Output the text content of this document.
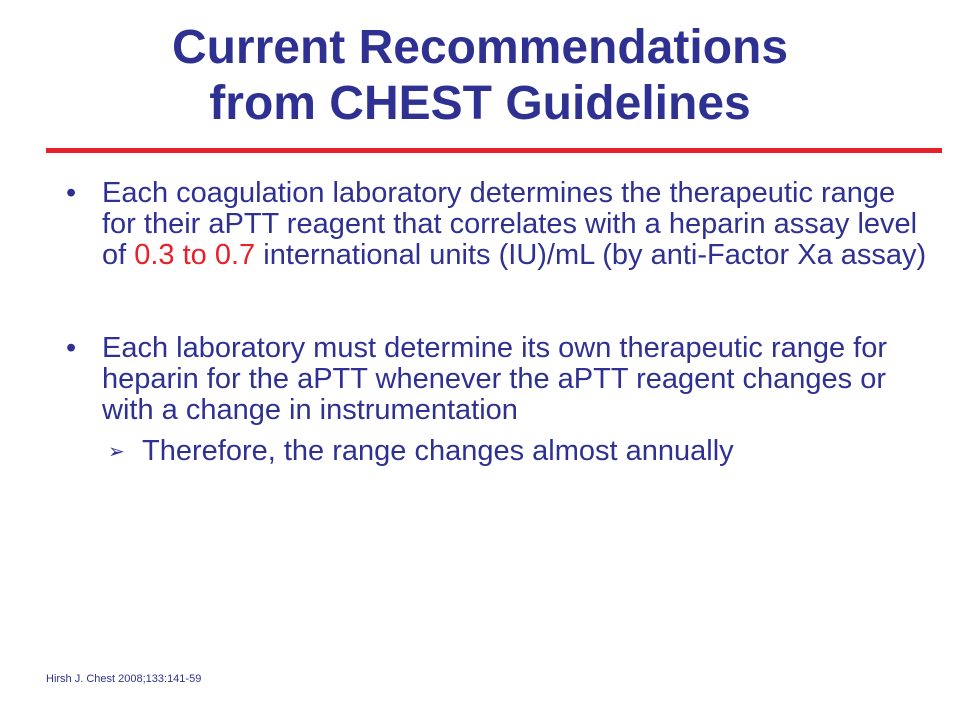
Current Recommendations
from CHEST Guidelines
• Each coagulation laboratory determines the therapeutic range for their aPTT reagent that correlates with a heparin assay level of 0.3 to 0.7 international units (IU)/mL (by anti-Factor Xa assay)
• Each laboratory must determine its own therapeutic range for heparin for the aPTT whenever the aPTT reagent changes or with a change in instrumentation
➢ Therefore, the range changes almost annually
Hirsh J. Chest 2008;133:141-59
